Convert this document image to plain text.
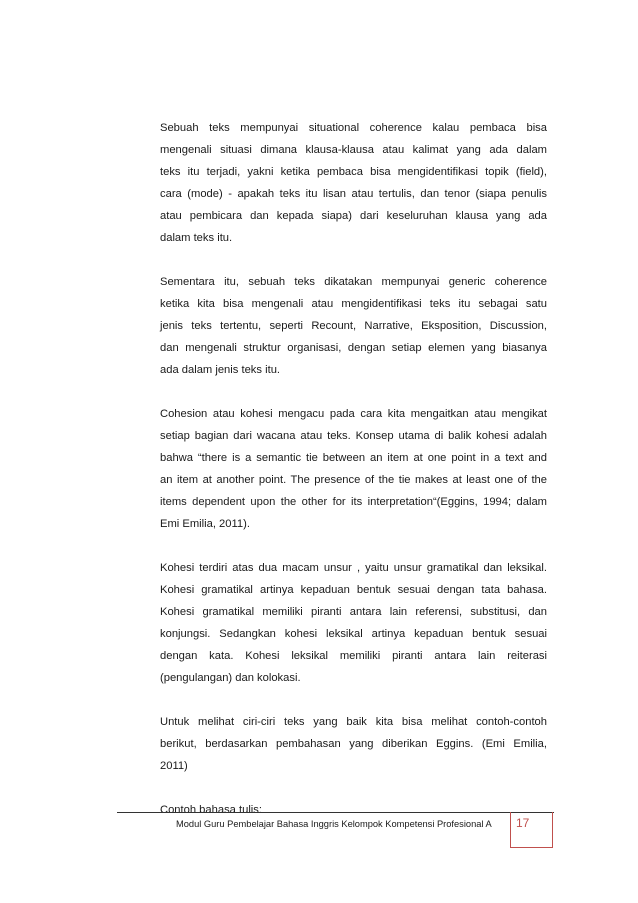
Sebuah teks mempunyai situational coherence kalau pembaca bisa
mengenali situasi dimana klausa-klausa atau kalimat yang ada dalam
teks itu terjadi, yakni ketika pembaca bisa mengidentifikasi topik (field),
cara (mode) - apakah teks itu lisan atau tertulis, dan tenor (siapa penulis
atau pembicara dan kepada siapa) dari keseluruhan klausa yang ada
dalam teks itu.

Sementara itu, sebuah teks dikatakan mempunyai generic coherence
ketika kita bisa mengenali atau mengidentifikasi teks itu sebagai satu
jenis teks tertentu, seperti Recount, Narrative, Eksposition, Discussion,
dan mengenali struktur organisasi, dengan setiap elemen yang biasanya
ada dalam jenis teks itu.

Cohesion atau kohesi mengacu pada cara kita mengaitkan atau mengikat
setiap bagian dari wacana atau teks. Konsep utama di balik kohesi adalah
bahwa “there is a semantic tie between an item at one point in a text and
an item at another point. The presence of the tie makes at least one of the
items dependent upon the other for its interpretation“(Eggins, 1994; dalam
Emi Emilia, 2011).

Kohesi terdiri atas dua macam unsur , yaitu unsur gramatikal dan leksikal.
Kohesi gramatikal artinya kepaduan bentuk sesuai dengan tata bahasa.
Kohesi gramatikal memiliki piranti antara lain referensi, substitusi, dan
konjungsi. Sedangkan kohesi leksikal artinya kepaduan bentuk sesuai
dengan kata. Kohesi leksikal memiliki piranti antara lain reiterasi
(pengulangan) dan kolokasi.

Untuk melihat ciri-ciri teks yang baik kita bisa melihat contoh-contoh
berikut, berdasarkan pembahasan yang diberikan Eggins. (Emi Emilia,
2011)

Contoh bahasa tulis:

Modul Guru Pembelajar Bahasa Inggris Kelompok Kompetensi Profesional A 17
